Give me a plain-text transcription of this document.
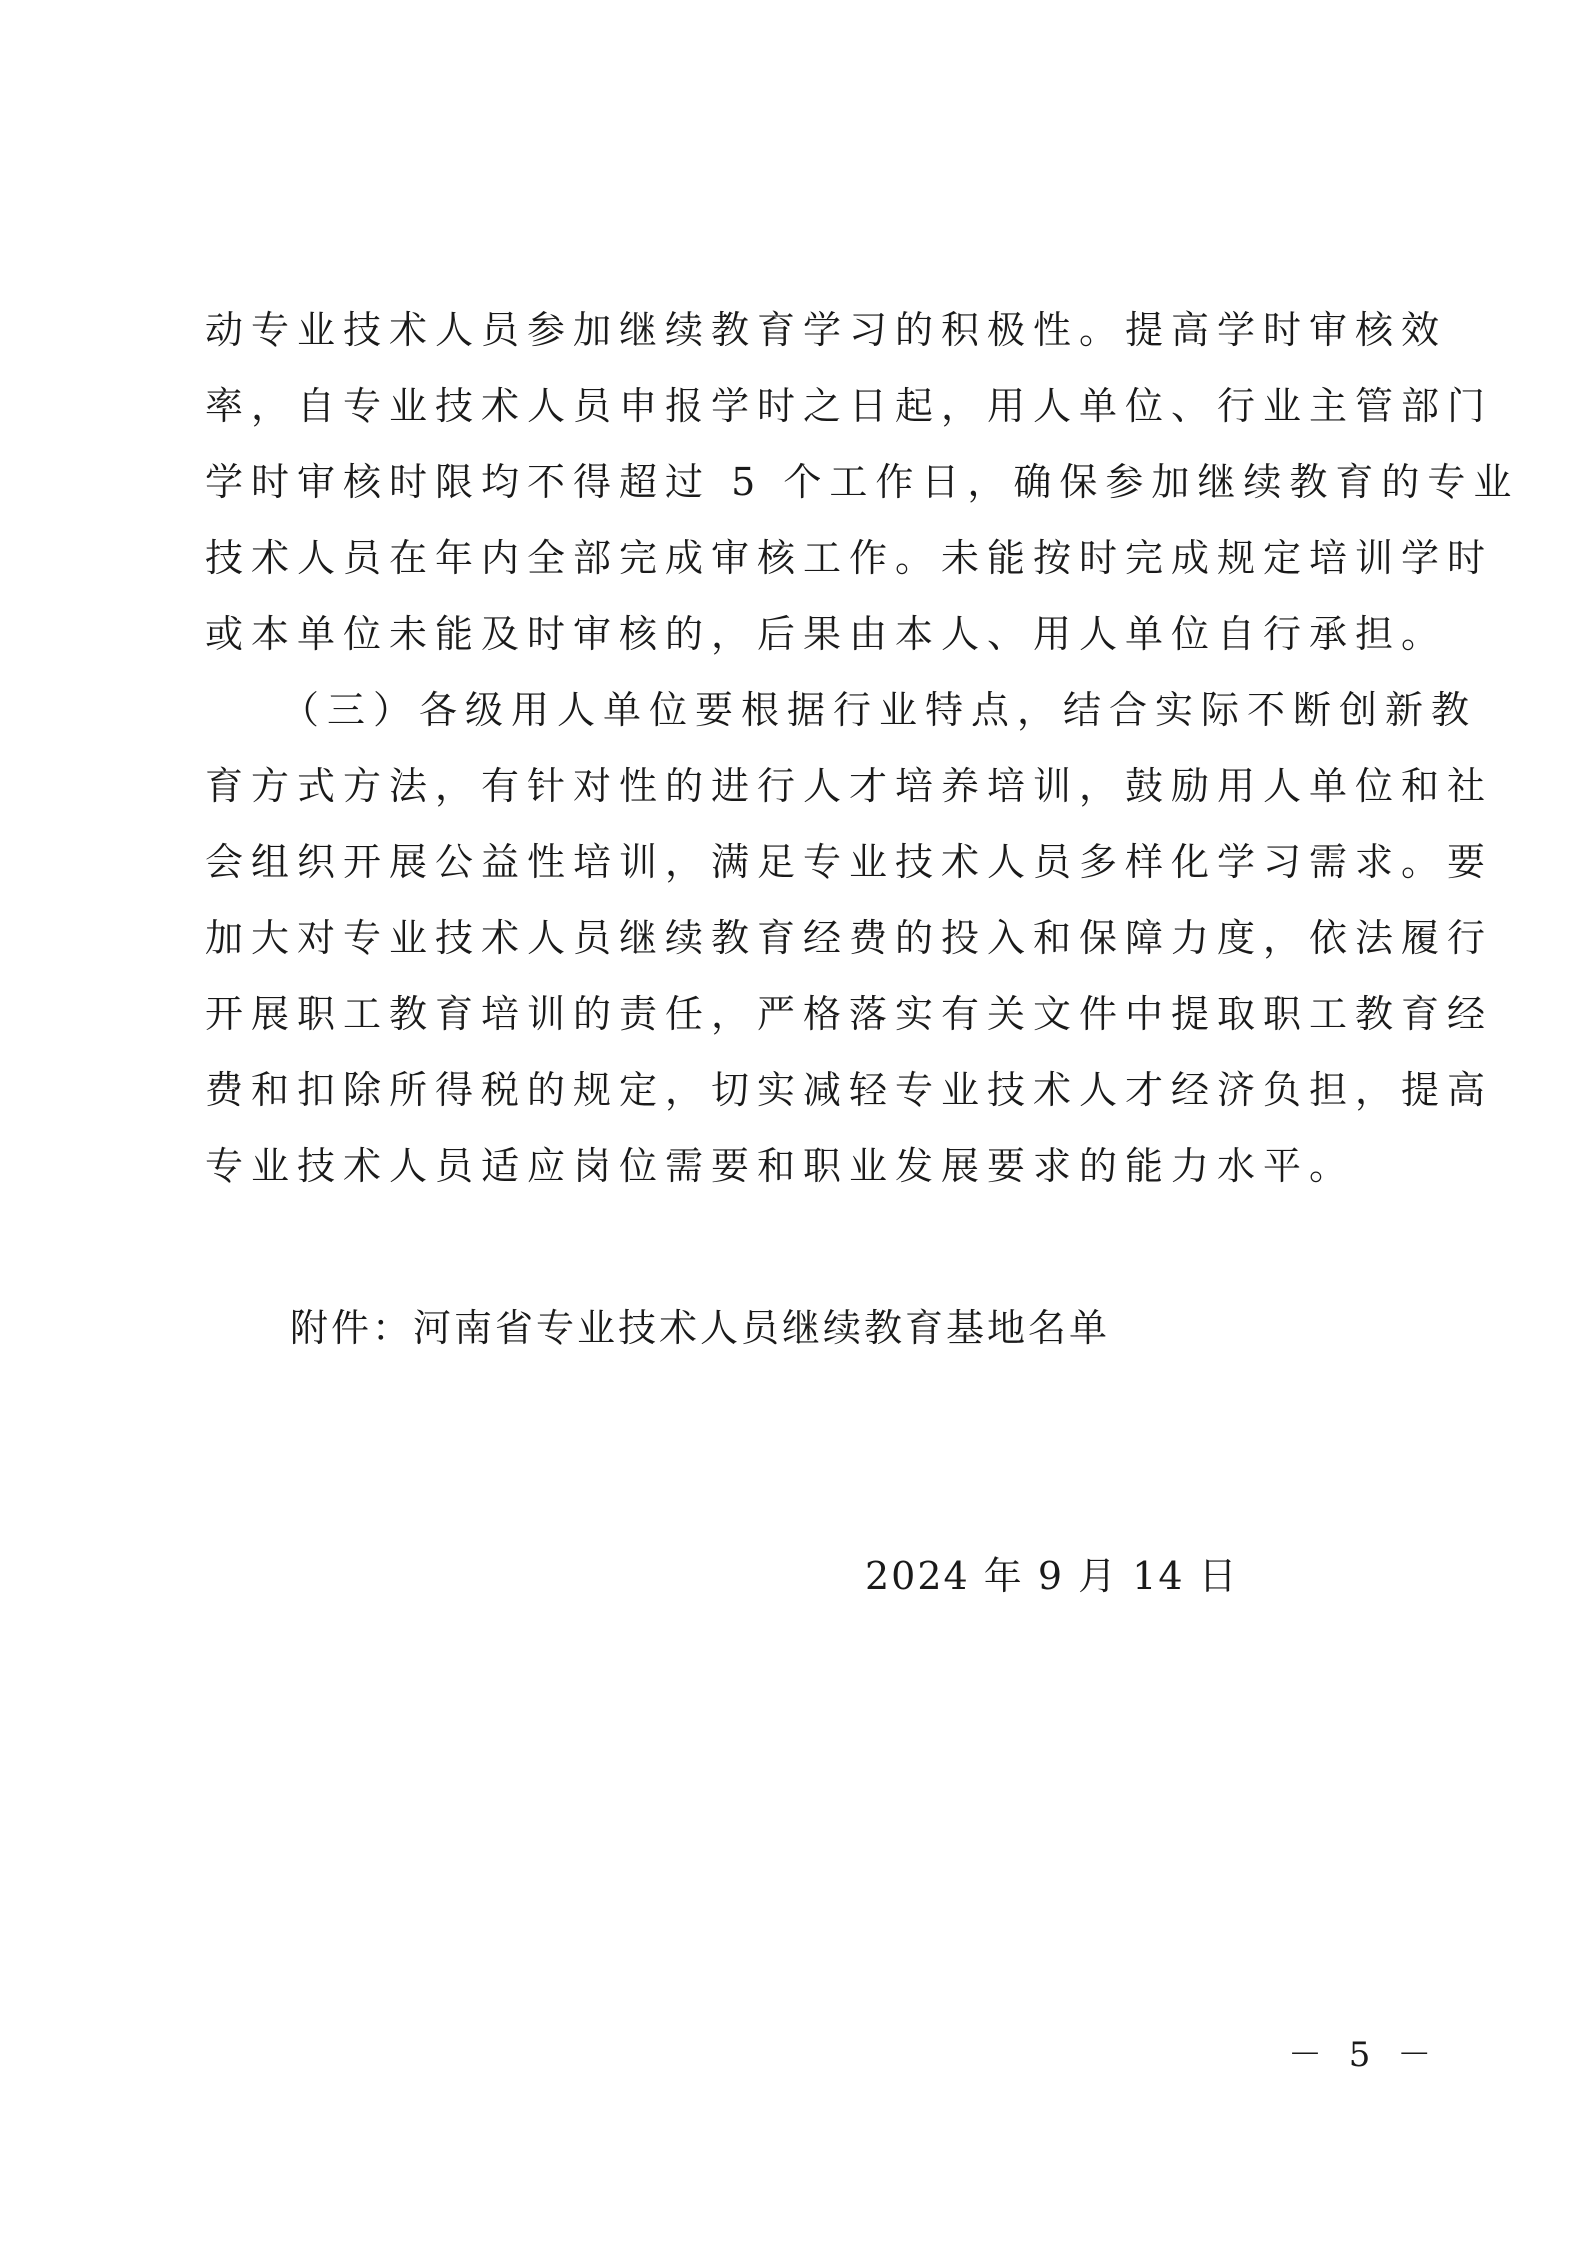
动专业技术人员参加继续教育学习的积极性。提高学时审核效
率，自专业技术人员申报学时之日起，用人单位、行业主管部门
学时审核时限均不得超过 5 个工作日，确保参加继续教育的专业
技术人员在年内全部完成审核工作。未能按时完成规定培训学时
或本单位未能及时审核的，后果由本人、用人单位自行承担。
（三）各级用人单位要根据行业特点，结合实际不断创新教
育方式方法，有针对性的进行人才培养培训，鼓励用人单位和社
会组织开展公益性培训，满足专业技术人员多样化学习需求。要
加大对专业技术人员继续教育经费的投入和保障力度，依法履行
开展职工教育培训的责任，严格落实有关文件中提取职工教育经
费和扣除所得税的规定，切实减轻专业技术人才经济负担，提高
专业技术人员适应岗位需要和职业发展要求的能力水平。
附件：河南省专业技术人员继续教育基地名单
2024 年 9 月 14 日
－ 5 －
